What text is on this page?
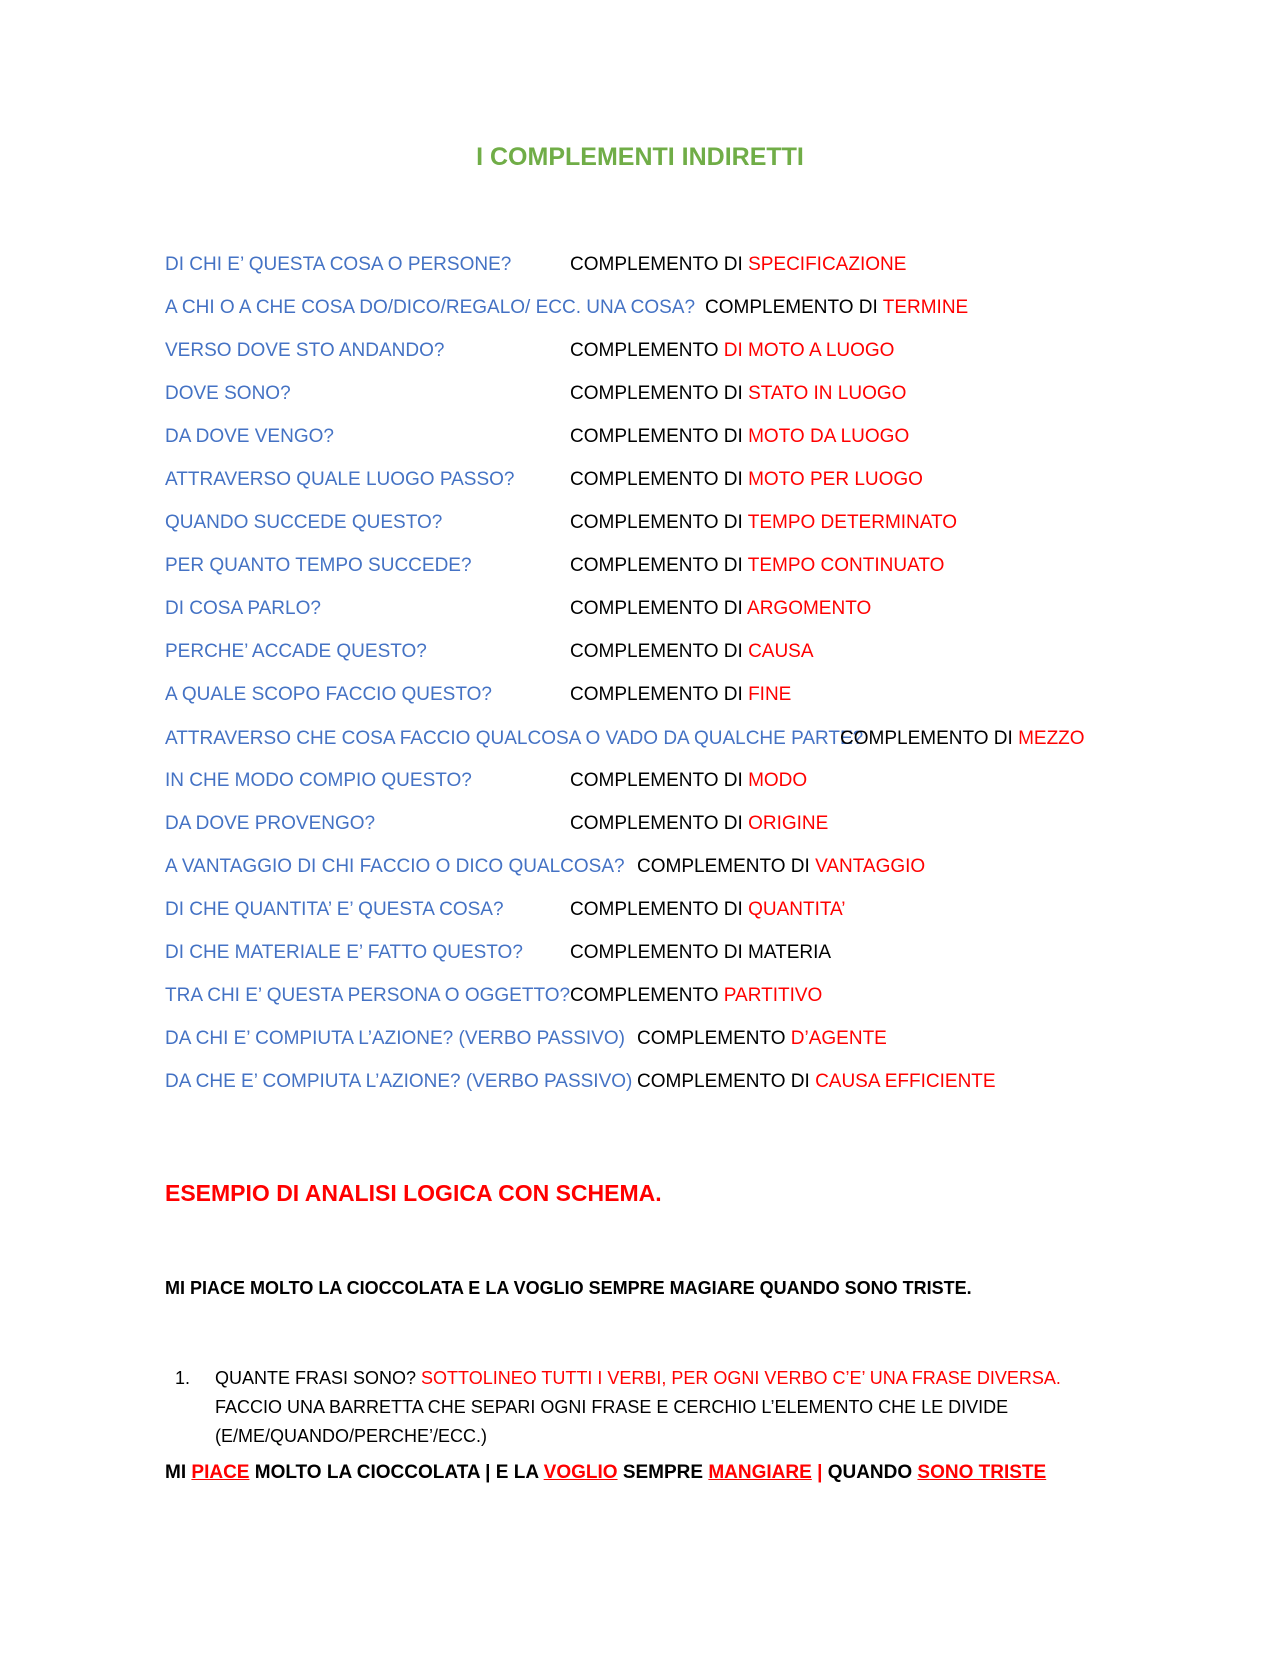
I COMPLEMENTI INDIRETTI
DI CHI E’ QUESTA COSA O PERSONE?	COMPLEMENTO DI SPECIFICAZIONE
A CHI O A CHE COSA DO/DICO/REGALO/ ECC. UNA COSA? COMPLEMENTO DI TERMINE
VERSO DOVE STO ANDANDO?	COMPLEMENTO DI MOTO A LUOGO
DOVE SONO?	COMPLEMENTO DI STATO IN LUOGO
DA DOVE VENGO?	COMPLEMENTO DI MOTO DA LUOGO
ATTRAVERSO QUALE LUOGO PASSO?	COMPLEMENTO DI MOTO PER LUOGO
QUANDO SUCCEDE QUESTO?	COMPLEMENTO DI TEMPO DETERMINATO
PER QUANTO TEMPO SUCCEDE?	COMPLEMENTO DI TEMPO CONTINUATO
DI COSA PARLO?	COMPLEMENTO DI ARGOMENTO
PERCHE’ ACCADE QUESTO?	COMPLEMENTO DI CAUSA
A QUALE SCOPO FACCIO QUESTO?	COMPLEMENTO DI FINE
ATTRAVERSO CHE COSA FACCIO QUALCOSA O VADO DA QUALCHE PARTE?
COMPLEMENTO DI MEZZO
IN CHE MODO COMPIO QUESTO?	COMPLEMENTO DI MODO
DA DOVE PROVENGO?	COMPLEMENTO DI ORIGINE
A VANTAGGIO DI CHI FACCIO O DICO QUALCOSA? COMPLEMENTO DI VANTAGGIO
DI CHE QUANTITA’ E’ QUESTA COSA?	COMPLEMENTO DI QUANTITA’
DI CHE MATERIALE E’ FATTO QUESTO? COMPLEMENTO DI MATERIA
TRA CHI E’ QUESTA PERSONA O OGGETTO? COMPLEMENTO PARTITIVO
DA CHI E’ COMPIUTA L’AZIONE? (VERBO PASSIVO) COMPLEMENTO D’AGENTE
DA CHE E’ COMPIUTA L’AZIONE? (VERBO PASSIVO) COMPLEMENTO DI CAUSA EFFICIENTE
ESEMPIO DI ANALISI LOGICA CON SCHEMA.

MI PIACE MOLTO LA CIOCCOLATA E LA VOGLIO SEMPRE MAGIARE QUANDO SONO TRISTE.

1. QUANTE FRASI SONO? SOTTOLINEO TUTTI I VERBI, PER OGNI VERBO C’E’ UNA FRASE DIVERSA. FACCIO UNA BARRETTA CHE SEPARI OGNI FRASE E CERCHIO L’ELEMENTO CHE LE DIVIDE (E/ME/QUANDO/PERCHE’/ECC.)

MI PIACE MOLTO LA CIOCCOLATA | E LA VOGLIO SEMPRE MANGIARE | QUANDO SONO TRISTE
